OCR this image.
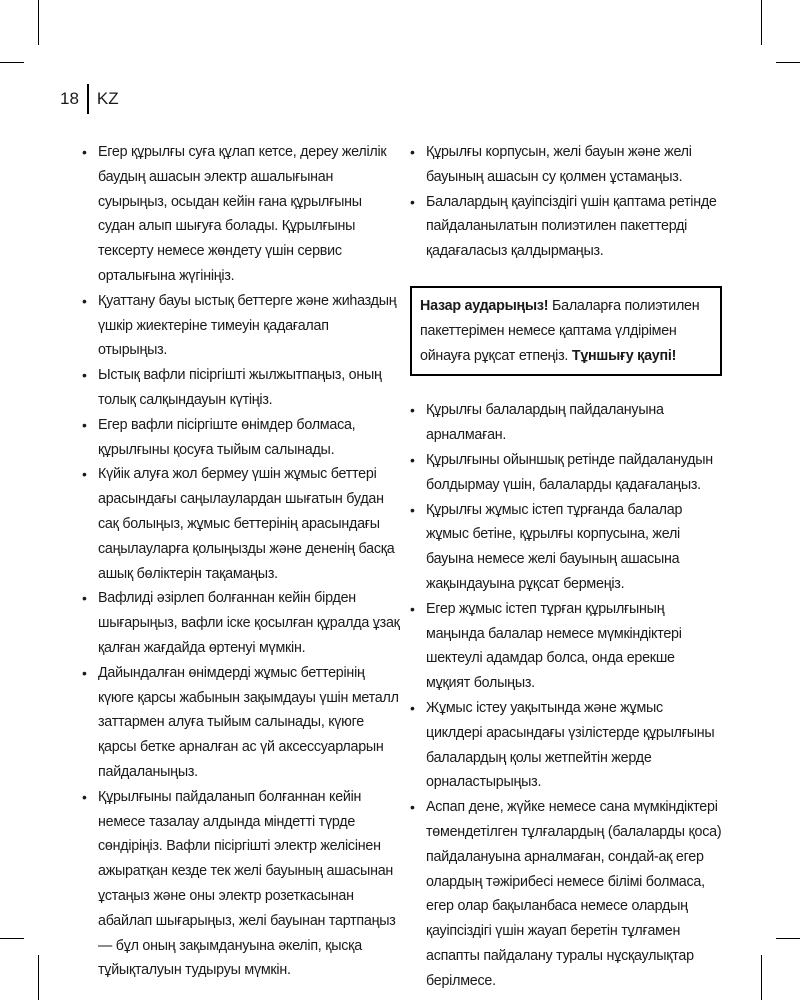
18	KZ
• Егер құрылғы суға құлап кетсе, дереу желілік баудың ашасын электр ашалығынан суырыңыз, осыдан кейін ғана құрылғыны судан алып шығуға болады. Құрылғыны тексерту немесе жөндету үшін сервис орталығына жүгініңіз.
• Қуаттану бауы ыстық беттерге және жиһаздың үшкір жиектеріне тимеуін қадағалап отырыңыз.
• Ыстық вафли пісіргішті жылжытпаңыз, оның толық салқындауын күтіңіз.
• Егер вафли пісіргіште өнімдер болмаса, құрылғыны қосуға тыйым салынады.
• Күйік алуға жол бермеу үшін жұмыс беттері арасындағы саңылаулардан шығатын будан сақ болыңыз, жұмыс беттерінің арасындағы саңылауларға қолыңызды және дененің басқа ашық бөліктерін тақамаңыз.
• Вафлиді әзірлеп болғаннан кейін бірден шығарыңыз, вафли іске қосылған құралда ұзақ қалған жағдайда өртенуі мүмкін.
• Дайындалған өнімдерді жұмыс беттерінің күюге қарсы жабынын зақымдауы үшін металл заттармен алуға тыйым салынады, күюге қарсы бетке арналған ас үй аксессуарларын пайдаланыңыз.
• Құрылғыны пайдаланып болғаннан кейін немесе тазалау алдында міндетті түрде сөндіріңіз. Вафли пісіргішті электр желісінен ажыратқан кезде тек желі бауының ашасынан ұстаңыз және оны электр розеткасынан абайлап шығарыңыз, желі бауынан тартпаңыз — бұл оның зақымдануына әкеліп, қысқа тұйықталуын тудыруы мүмкін.
• Құрылғы корпусын, желі бауын және желі бауының ашасын су қолмен ұстамаңыз.
• Балалардың қауіпсіздігі үшін қаптама ретінде пайдаланылатын полиэтилен пакеттерді қадағаласыз қалдырмаңыз.
Назар аударыңыз! Балаларға полиэтилен пакеттерімен немесе қаптама үлдірімен ойнауға рұқсат етпеңіз. Тұншығу қаупі!
• Құрылғы балалардың пайдалануына арналмаған.
• Құрылғыны ойыншық ретінде пайдаланудын болдырмау үшін, балаларды қадағалаңыз.
• Құрылғы жұмыс істеп тұрғанда балалар жұмыс бетіне, құрылғы корпусына, желі бауына немесе желі бауының ашасына жақындауына рұқсат бермеңіз.
• Егер жұмыс істеп тұрған құрылғының маңында балалар немесе мүмкіндіктері шектеулі адамдар болса, онда ерекше мұқият болыңыз.
• Жұмыс істеу уақытында және жұмыс циклдері арасындағы үзілістерде құрылғыны балалардың қолы жетпейтін жерде орналастырыңыз.
• Аспап дене, жүйке немесе сана мүмкіндіктері төмендетілген тұлғалардың (балаларды қоса) пайдалануына арналмаған, сондай-ақ егер олардың тәжірибесі немесе білімі болмаса, егер олар бақыланбаса немесе олардың қауіпсіздігі үшін жауап беретін тұлғамен аспапты пайдалану туралы нұсқаулықтар берілмесе.
